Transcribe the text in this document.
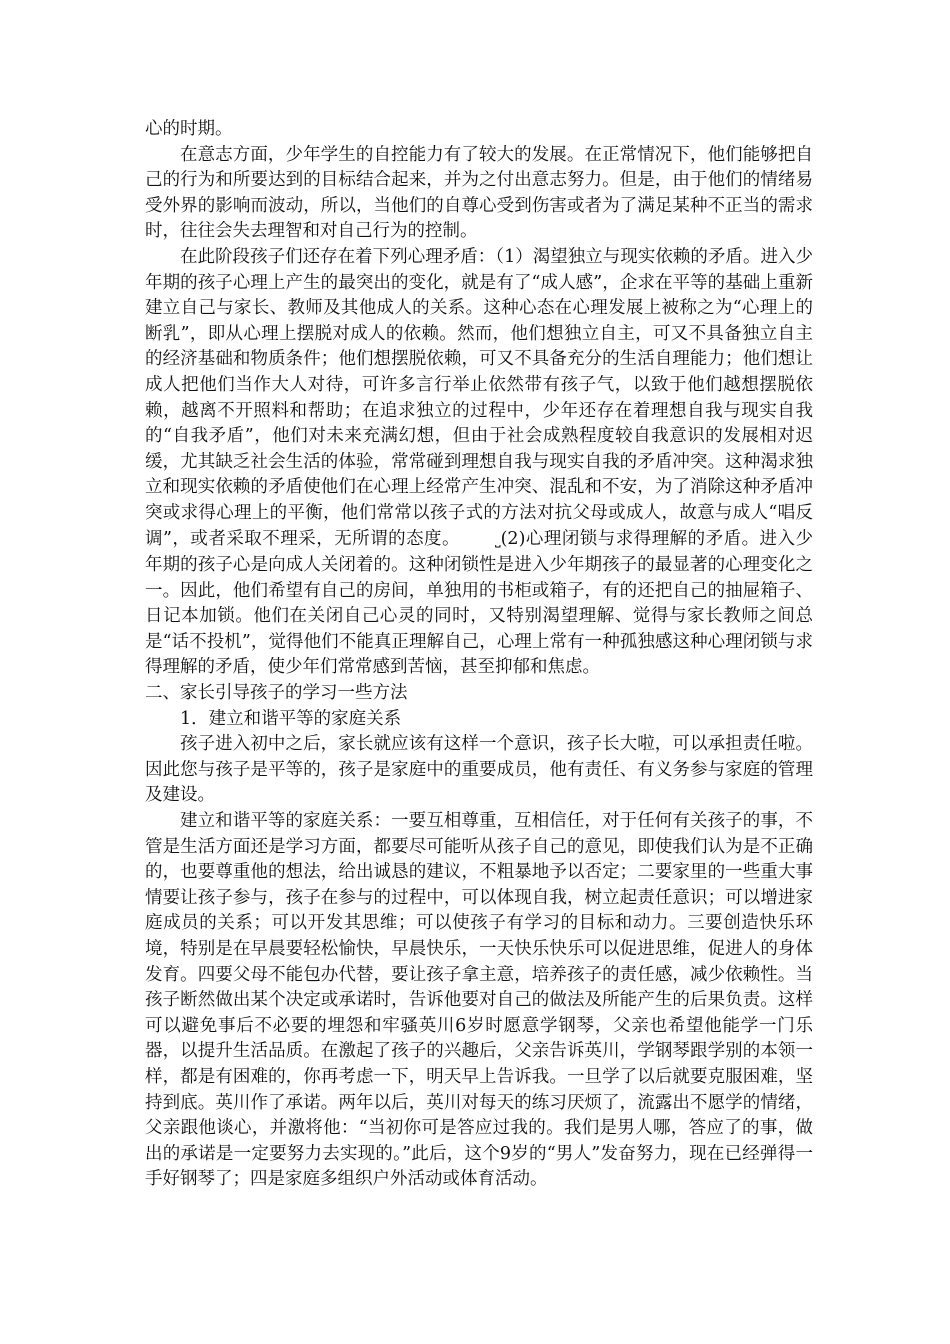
心的时期。

在意志方面，少年学生的自控能力有了较大的发展。在正常情况下，他们能够把自己的行为和所要达到的目标结合起来，并为之付出意志努力。但是，由于他们的情绪易受外界的影响而波动，所以，当他们的自尊心受到伤害或者为了满足某种不正当的需求时，往往会失去理智和对自己行为的控制。

在此阶段孩子们还存在着下列心理矛盾：（1）渴望独立与现实依赖的矛盾。进入少年期的孩子心理上产生的最突出的变化，就是有了“成人感”，企求在平等的基础上重新建立自己与家长、教师及其他成人的关系。这种心态在心理发展上被称之为“心理上的断乳”，即从心理上摆脱对成人的依赖。然而，他们想独立自主，可又不具备独立自主的经济基础和物质条件；他们想摆脱依赖，可又不具备充分的生活自理能力；他们想让成人把他们当作大人对待，可许多言行举止依然带有孩子气，以致于他们越想摆脱依赖，越离不开照料和帮助；在追求独立的过程中，少年还存在着理想自我与现实自我的“自我矛盾”，他们对未来充满幻想，但由于社会成熟程度较自我意识的发展相对迟缓，尤其缺乏社会生活的体验，常常碰到理想自我与现实自我的矛盾冲突。这种渴求独立和现实依赖的矛盾使他们在心理上经常产生冲突、混乱和不安，为了消除这种矛盾冲突或求得心理上的平衡，他们常常以孩子式的方法对抗父母或成人，故意与成人“唱反调”，或者采取不理采，无所谓的态度。	⎵(2)心理闭锁与求得理解的矛盾。进入少年期的孩子心是向成人关闭着的。这种闭锁性是进入少年期孩子的最显著的心理变化之一。因此，他们希望有自己的房间，单独用的书柜或箱子，有的还把自己的抽屉箱子、日记本加锁。他们在关闭自己心灵的同时，又特别渴望理解、觉得与家长教师之间总是“话不投机”，觉得他们不能真正理解自己，心理上常有一种孤独感这种心理闭锁与求得理解的矛盾，使少年们常常感到苦恼，甚至抑郁和焦虑。

二、家长引导孩子的学习一些方法

1．建立和谐平等的家庭关系

孩子进入初中之后，家长就应该有这样一个意识，孩子长大啦，可以承担责任啦。因此您与孩子是平等的，孩子是家庭中的重要成员，他有责任、有义务参与家庭的管理及建设。

建立和谐平等的家庭关系：一要互相尊重，互相信任，对于任何有关孩子的事，不管是生活方面还是学习方面，都要尽可能听从孩子自己的意见，即使我们认为是不正确的，也要尊重他的想法，给出诚恳的建议，不粗暴地予以否定；二要家里的一些重大事情要让孩子参与，孩子在参与的过程中，可以体现自我，树立起责任意识；可以增进家庭成员的关系；可以开发其思维；可以使孩子有学习的目标和动力。三要创造快乐环境，特别是在早晨要轻松愉快，早晨快乐，一天快乐快乐可以促进思维，促进人的身体发育。四要父母不能包办代替，要让孩子拿主意，培养孩子的责任感，减少依赖性。当孩子断然做出某个决定或承诺时，告诉他要对自己的做法及所能产生的后果负责。这样可以避免事后不必要的埋怨和牢骚英川6岁时愿意学钢琴，父亲也希望他能学一门乐器，以提升生活品质。在激起了孩子的兴趣后，父亲告诉英川，学钢琴跟学别的本领一样，都是有困难的，你再考虑一下，明天早上告诉我。一旦学了以后就要克服困难，坚持到底。英川作了承诺。两年以后，英川对每天的练习厌烦了，流露出不愿学的情绪，父亲跟他谈心，并激将他：“当初你可是答应过我的。我们是男人哪，答应了的事，做出的承诺是一定要努力去实现的。”此后，这个9岁的“男人”发奋努力，现在已经弹得一手好钢琴了；四是家庭多组织户外活动或体育活动。
